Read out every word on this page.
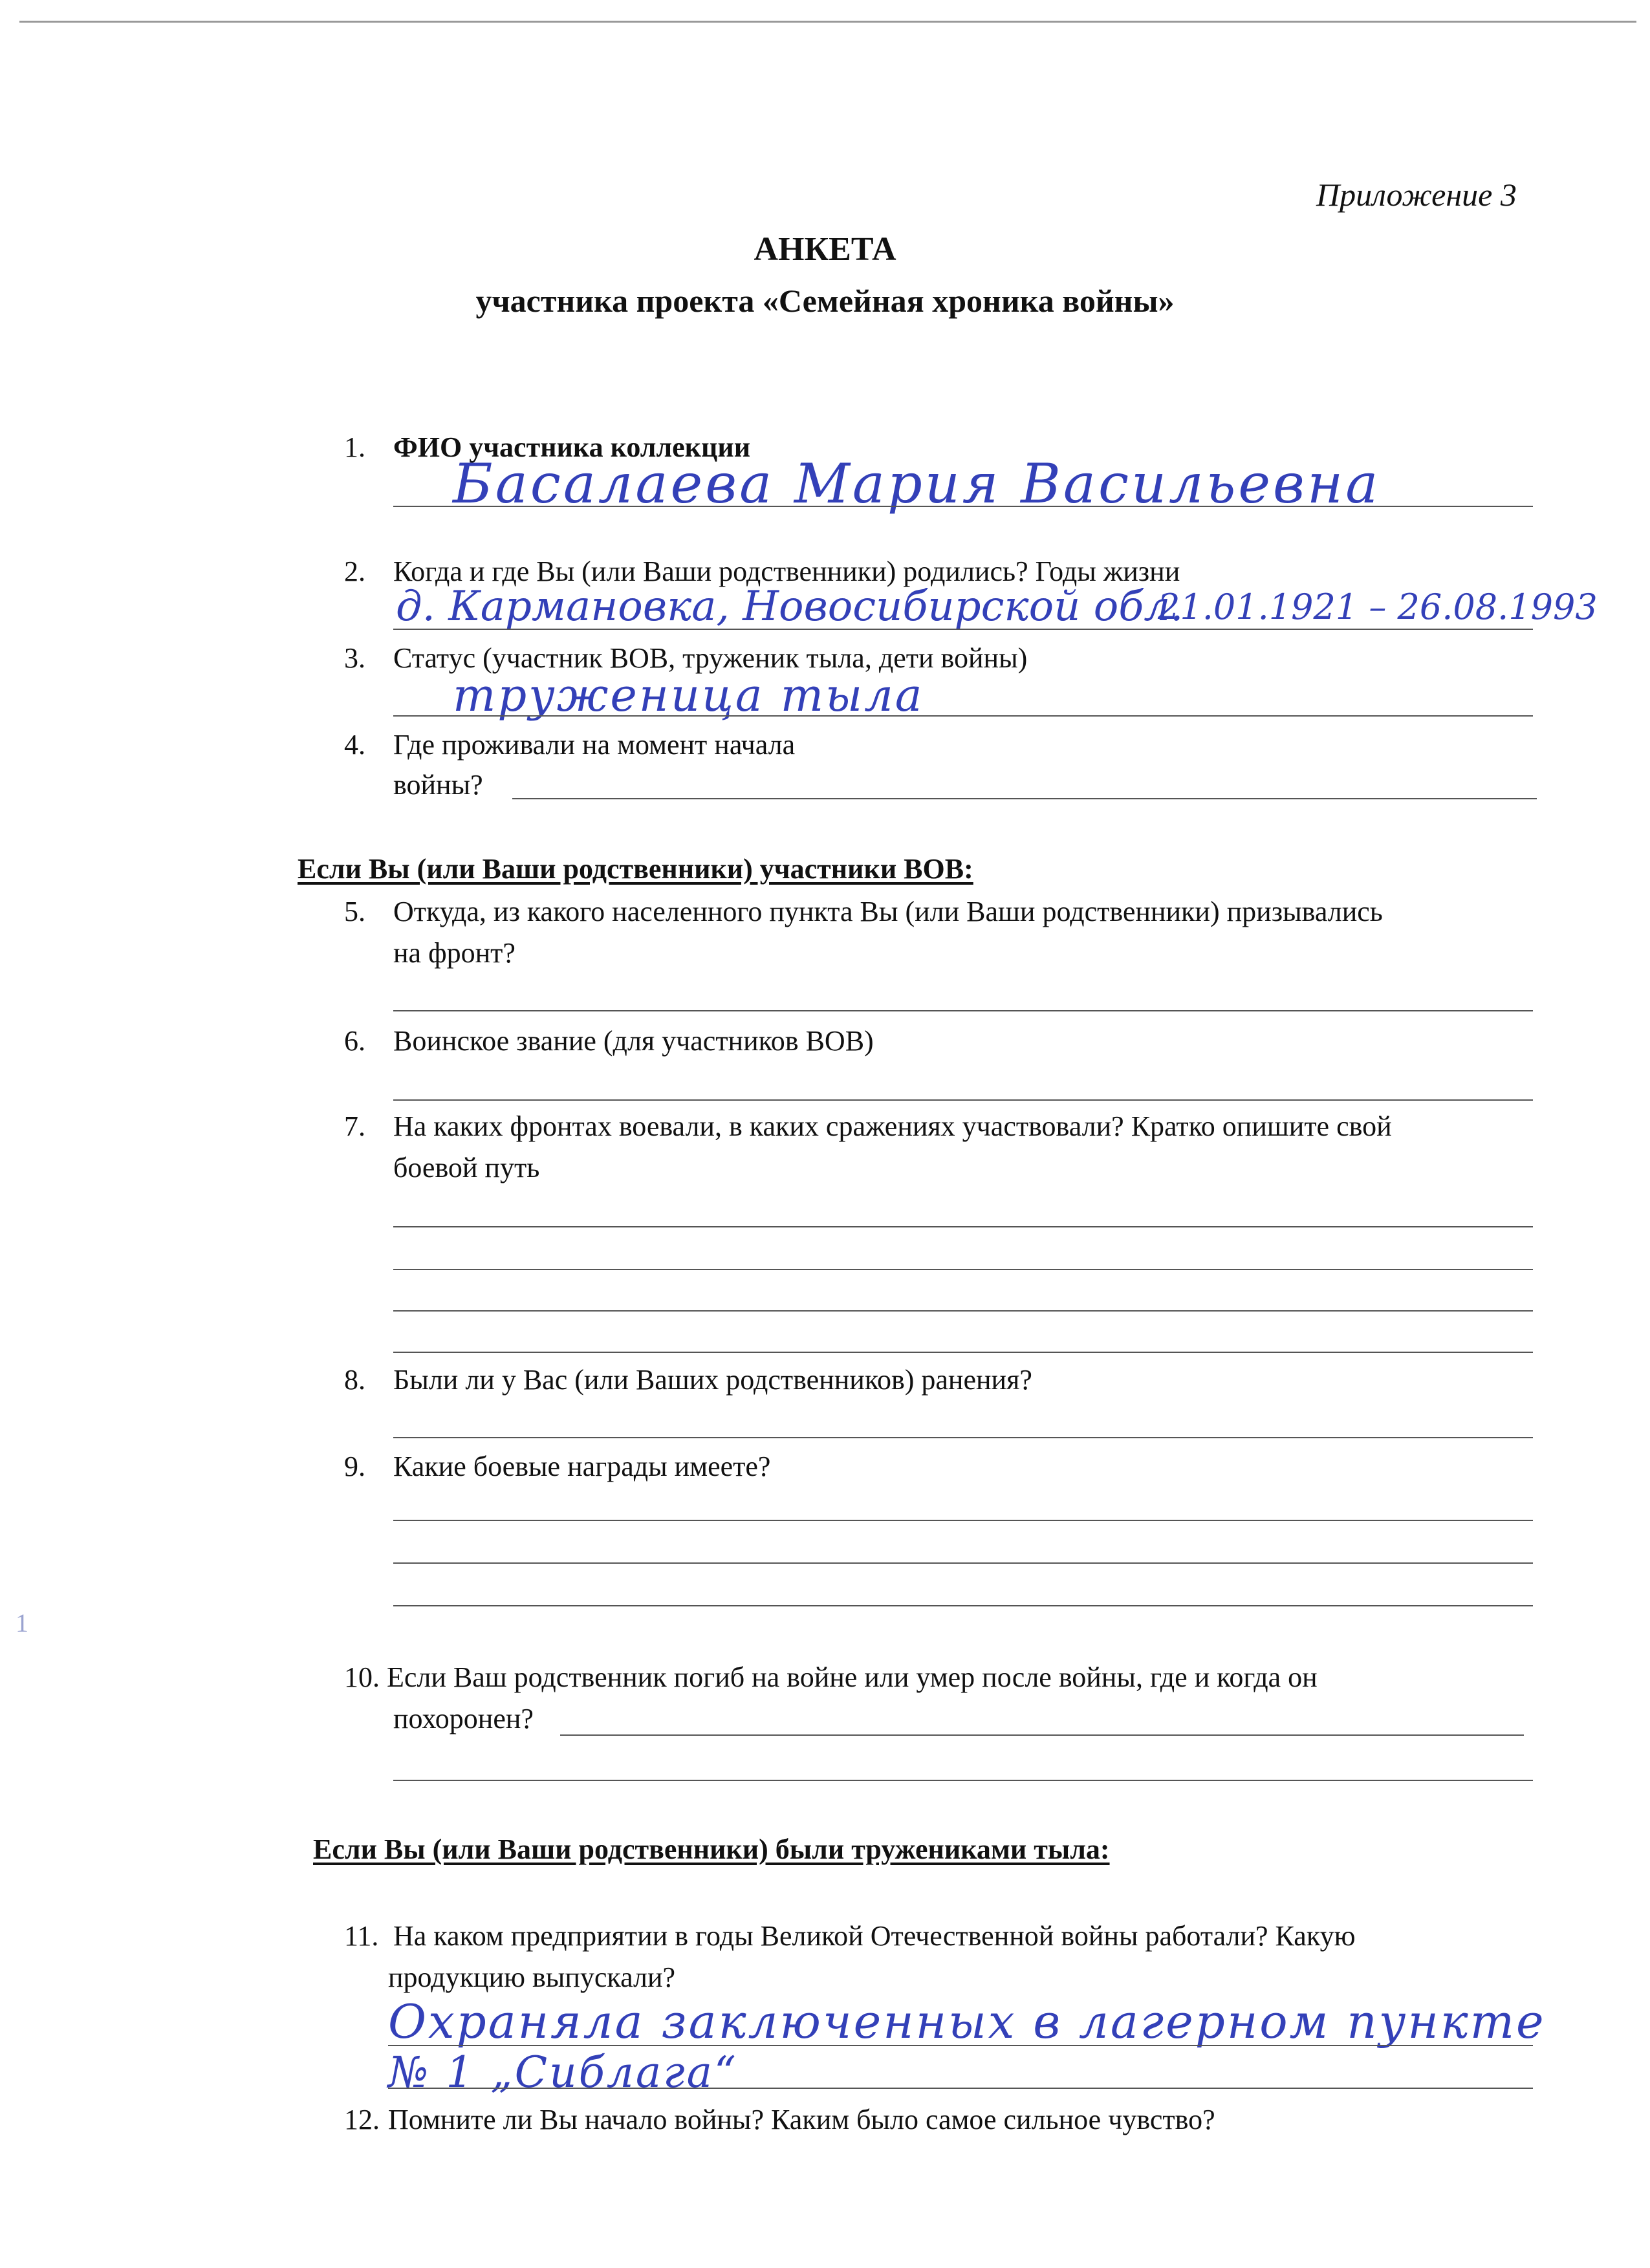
Приложение 3
АНКЕТА
участника проекта «Семейная хроника войны»
1. ФИО участника коллекции
Басалаева Мария Васильевна
2. Когда и где Вы (или Ваши родственники) родились? Годы жизни
д. Кармановка, Новосибирской обл.
21.01.1921 – 26.08.1993
3. Статус (участник ВОВ, труженик тыла, дети войны)
труженица тыла
4. Где проживали на момент начала
войны?
Если Вы (или Ваши родственники) участники ВОВ:
5. Откуда, из какого населенного пункта Вы (или Ваши родственники) призывались
на фронт?
6. Воинское звание (для участников ВОВ)
7. На каких фронтах воевали, в каких сражениях участвовали? Кратко опишите свой
боевой путь
8. Были ли у Вас (или Ваших родственников) ранения?
9. Какие боевые награды имеете?
1
10. Если Ваш родственник погиб на войне или умер после войны, где и когда он
похоронен?
Если Вы (или Ваши родственники) были тружениками тыла:
11. На каком предприятии в годы Великой Отечественной войны работали? Какую
продукцию выпускали?
Охраняла заключенных в лагерном пункте
№ 1 „Сиблага“
12. Помните ли Вы начало войны? Каким было самое сильное чувство?
